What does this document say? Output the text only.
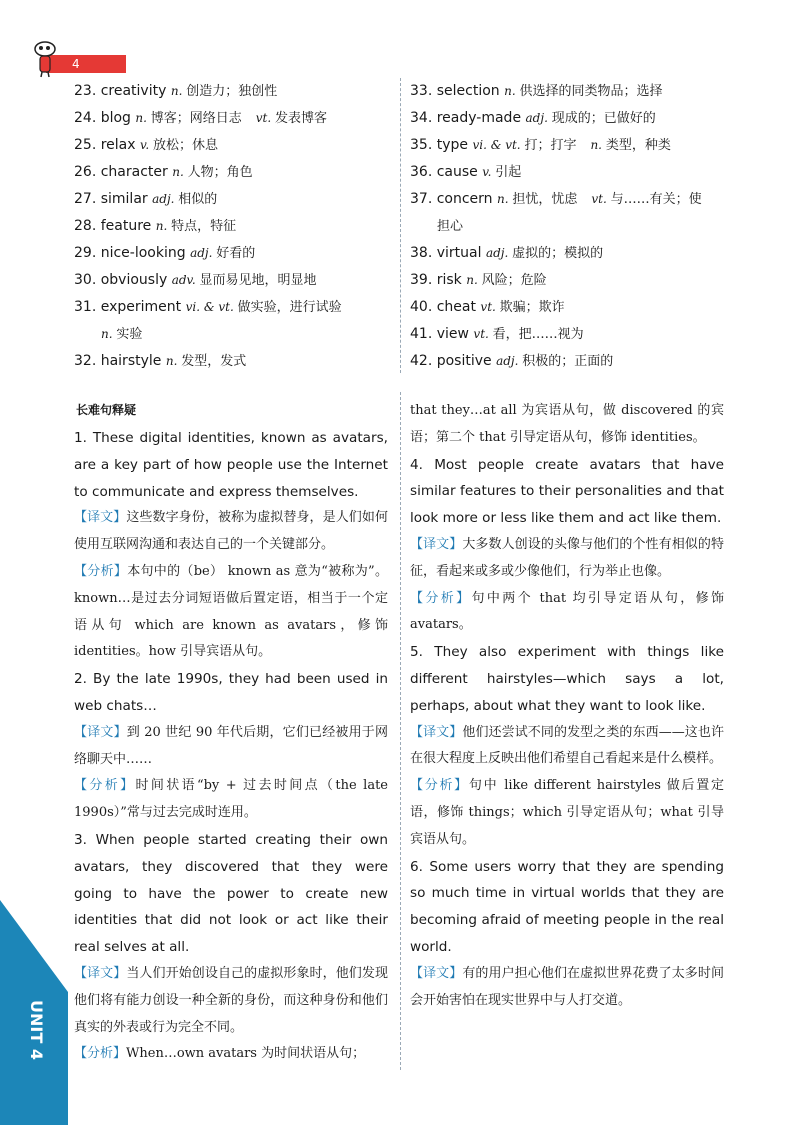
4
23. creativity n. 创造力；独创性
24. blog n. 博客；网络日志  vt. 发表博客
25. relax v. 放松；休息
26. character n. 人物；角色
27. similar adj. 相似的
28. feature n. 特点，特征
29. nice-looking adj. 好看的
30. obviously adv. 显而易见地，明显地
31. experiment vi. & vt. 做实验，进行试验
n. 实验
32. hairstyle n. 发型，发式
33. selection n. 供选择的同类物品；选择
34. ready-made adj. 现成的；已做好的
35. type vi. & vt. 打；打字  n. 类型，种类
36. cause v. 引起
37. concern n. 担忧，忧虑  vt. 与……有关；使
担心
38. virtual adj. 虚拟的；模拟的
39. risk n. 风险；危险
40. cheat vt. 欺骗；欺诈
41. view vt. 看，把……视为
42. positive adj. 积极的；正面的
长难句释疑

1. These digital identities, known as avatars, are a key part of how people use the Internet to communicate and express themselves.

【译文】这些数字身份，被称为虚拟替身，是人们如何使用互联网沟通和表达自己的一个关键部分。

【分析】本句中的（be） known as 意为“被称为”。known…是过去分词短语做后置定语，相当于一个定语从句 which are known as avatars，修饰 identities。how 引导宾语从句。

2. By the late 1990s, they had been used in web chats…

【译文】到 20 世纪 90 年代后期，它们已经被用于网络聊天中……

【分析】时间状语“by + 过去时间点（the late 1990s）”常与过去完成时连用。

3. When people started creating their own avatars, they discovered that they were going to have the power to create new identities that did not look or act like their real selves at all.

【译文】当人们开始创设自己的虚拟形象时，他们发现他们将有能力创设一种全新的身份，而这种身份和他们真实的外表或行为完全不同。

【分析】When…own avatars 为时间状语从句；

that they…at all 为宾语从句，做 discovered 的宾语；第二个 that 引导定语从句，修饰 identities。

4. Most people create avatars that have similar features to their personalities and that look more or less like them and act like them.

【译文】大多数人创设的头像与他们的个性有相似的特征，看起来或多或少像他们，行为举止也像。

【分析】句中两个 that 均引导定语从句，修饰 avatars。

5. They also experiment with things like different hairstyles—which says a lot, perhaps, about what they want to look like.

【译文】他们还尝试不同的发型之类的东西——这也许在很大程度上反映出他们希望自己看起来是什么模样。

【分析】句中 like different hairstyles 做后置定语，修饰 things；which 引导定语从句；what 引导宾语从句。

6. Some users worry that they are spending so much time in virtual worlds that they are becoming afraid of meeting people in the real world.

【译文】有的用户担心他们在虚拟世界花费了太多时间会开始害怕在现实世界中与人打交道。

UNIT 4
